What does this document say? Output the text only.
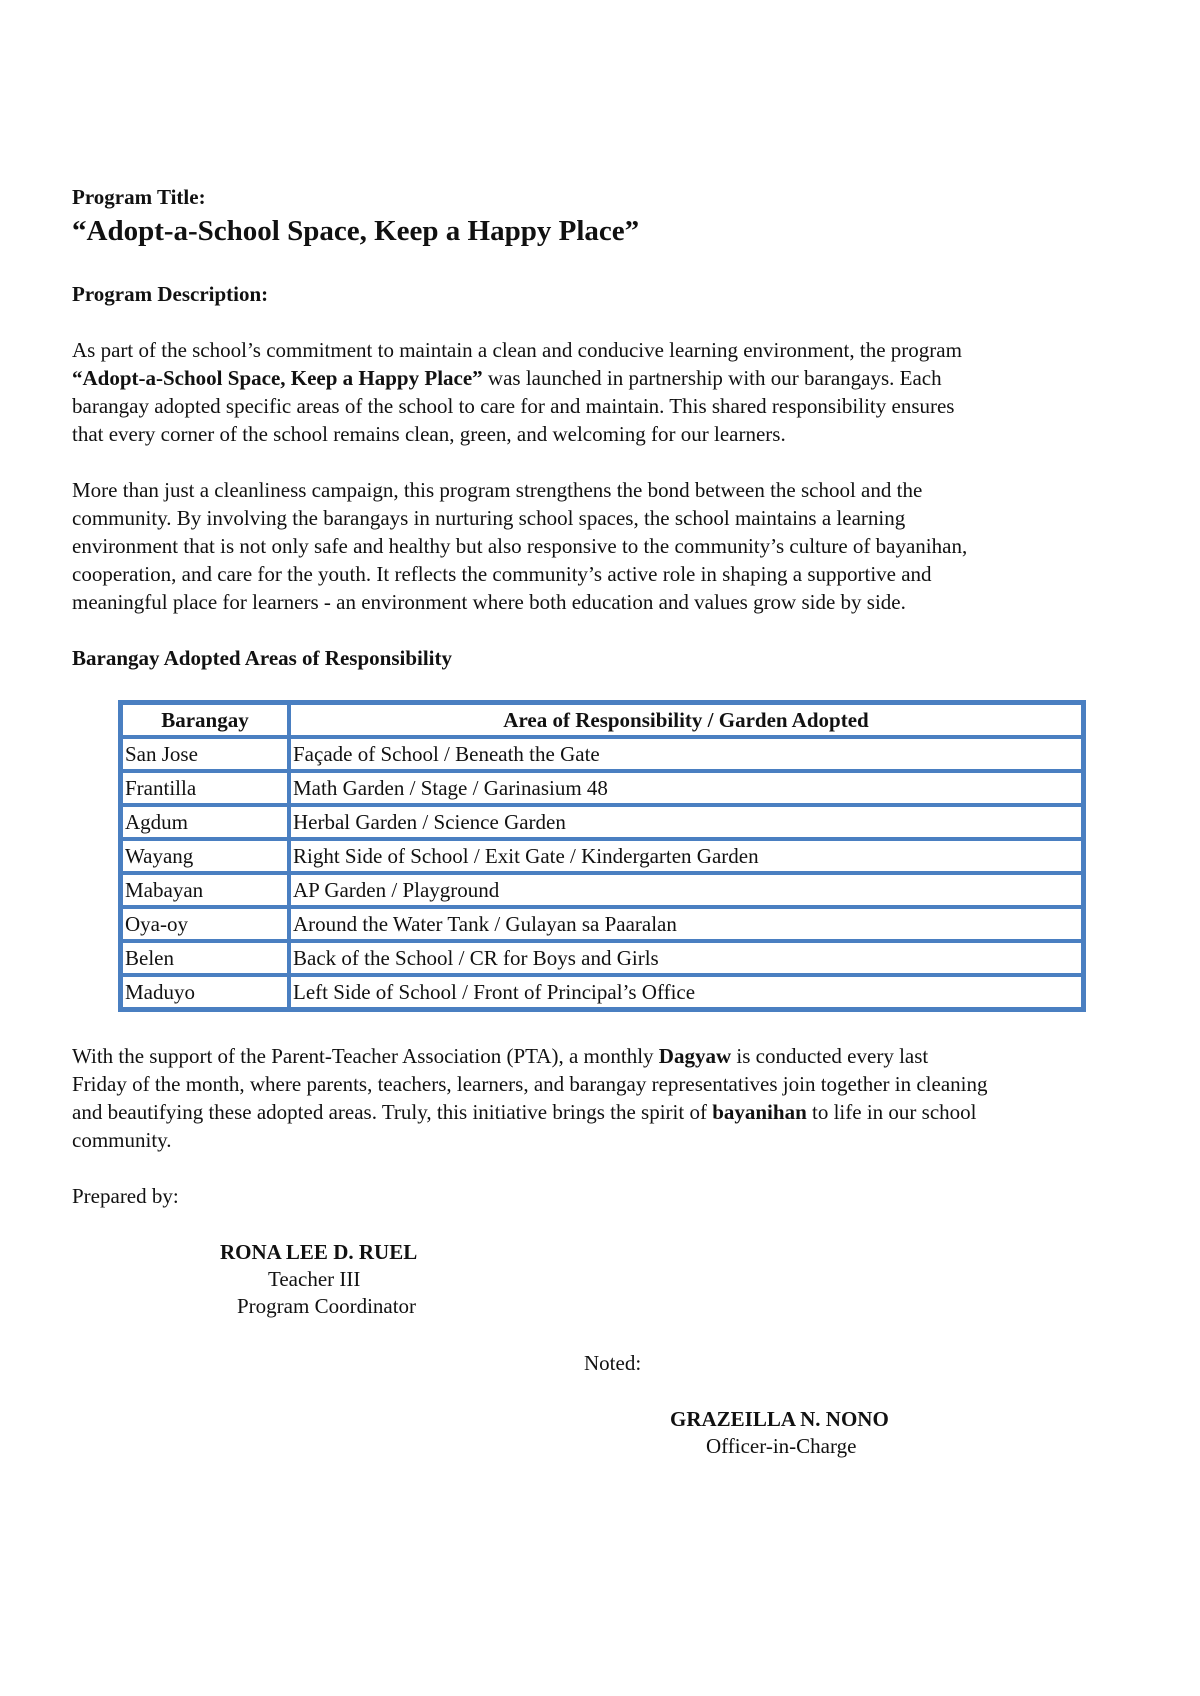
Program Title:
“Adopt-a-School Space, Keep a Happy Place”
Program Description:
As part of the school’s commitment to maintain a clean and conducive learning environment, the program
“Adopt-a-School Space, Keep a Happy Place” was launched in partnership with our barangays. Each
barangay adopted specific areas of the school to care for and maintain. This shared responsibility ensures
that every corner of the school remains clean, green, and welcoming for our learners.
More than just a cleanliness campaign, this program strengthens the bond between the school and the
community. By involving the barangays in nurturing school spaces, the school maintains a learning
environment that is not only safe and healthy but also responsive to the community’s culture of bayanihan,
cooperation, and care for the youth. It reflects the community’s active role in shaping a supportive and
meaningful place for learners - an environment where both education and values grow side by side.
Barangay Adopted Areas of Responsibility
Barangay	Area of Responsibility / Garden Adopted
San Jose	Façade of School / Beneath the Gate
Frantilla	Math Garden / Stage / Garinasium 48
Agdum	Herbal Garden / Science Garden
Wayang	Right Side of School / Exit Gate / Kindergarten Garden
Mabayan	AP Garden / Playground
Oya-oy	Around the Water Tank / Gulayan sa Paaralan
Belen	Back of the School / CR for Boys and Girls
Maduyo	Left Side of School / Front of Principal’s Office
With the support of the Parent-Teacher Association (PTA), a monthly Dagyaw is conducted every last
Friday of the month, where parents, teachers, learners, and barangay representatives join together in cleaning
and beautifying these adopted areas. Truly, this initiative brings the spirit of bayanihan to life in our school
community.
Prepared by:
RONA LEE D. RUEL
Teacher III
Program Coordinator
Noted:
GRAZEILLA N. NONO
Officer-in-Charge
